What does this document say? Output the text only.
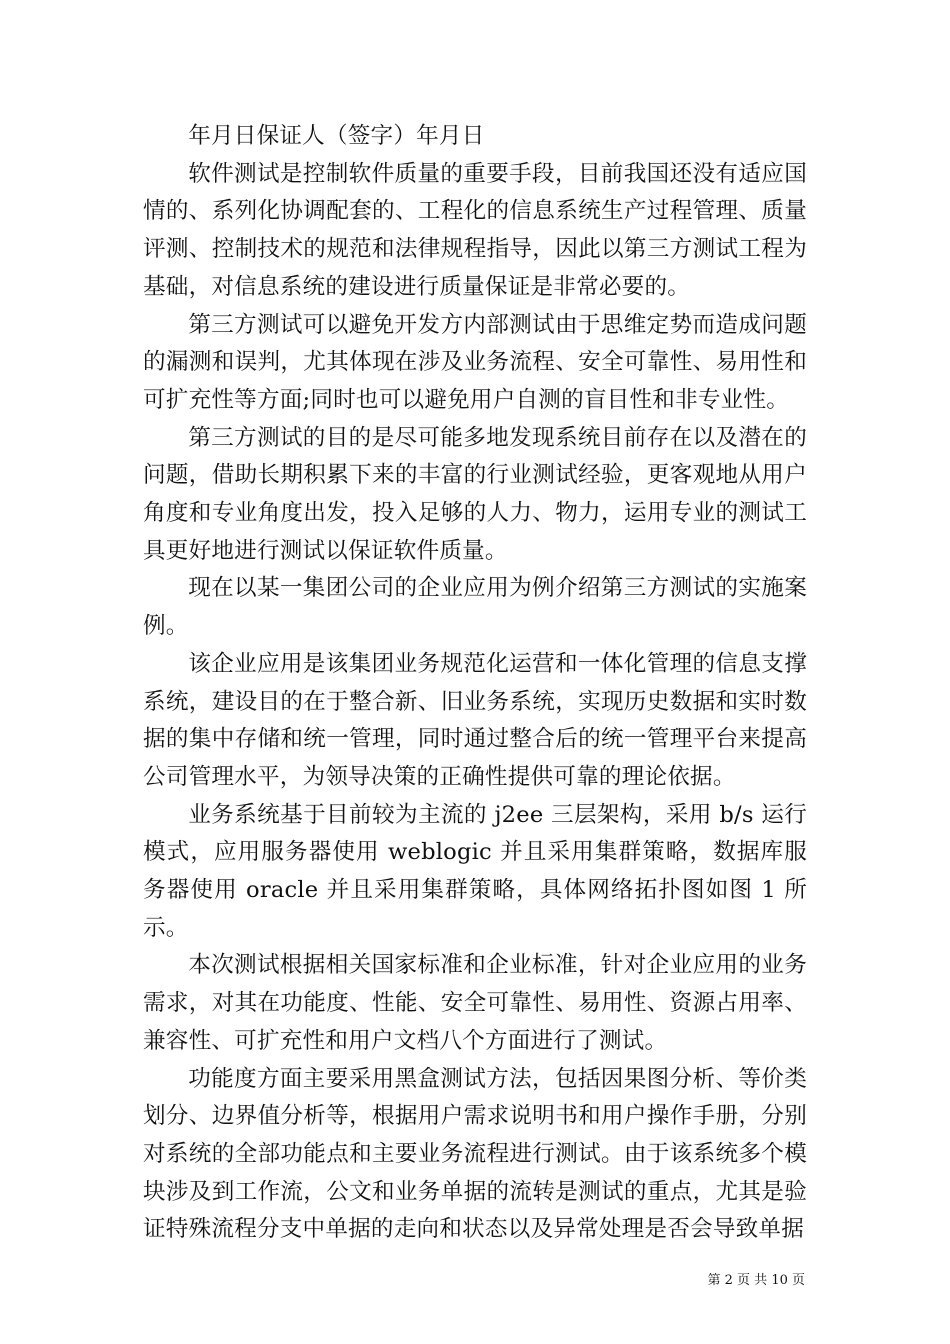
年月日保证人（签字）年月日

软件测试是控制软件质量的重要手段，目前我国还没有适应国情的、系列化协调配套的、工程化的信息系统生产过程管理、质量评测、控制技术的规范和法律规程指导，因此以第三方测试工程为基础，对信息系统的建设进行质量保证是非常必要的。

第三方测试可以避免开发方内部测试由于思维定势而造成问题的漏测和误判，尤其体现在涉及业务流程、安全可靠性、易用性和可扩充性等方面;同时也可以避免用户自测的盲目性和非专业性。

第三方测试的目的是尽可能多地发现系统目前存在以及潜在的问题，借助长期积累下来的丰富的行业测试经验，更客观地从用户角度和专业角度出发，投入足够的人力、物力，运用专业的测试工具更好地进行测试以保证软件质量。

现在以某一集团公司的企业应用为例介绍第三方测试的实施案例。

该企业应用是该集团业务规范化运营和一体化管理的信息支撑系统，建设目的在于整合新、旧业务系统，实现历史数据和实时数据的集中存储和统一管理，同时通过整合后的统一管理平台来提高公司管理水平，为领导决策的正确性提供可靠的理论依据。

业务系统基于目前较为主流的 j2ee 三层架构，采用 b/s 运行模式，应用服务器使用 weblogic 并且采用集群策略，数据库服务器使用 oracle 并且采用集群策略，具体网络拓扑图如图 1 所示。

本次测试根据相关国家标准和企业标准，针对企业应用的业务需求，对其在功能度、性能、安全可靠性、易用性、资源占用率、兼容性、可扩充性和用户文档八个方面进行了测试。

功能度方面主要采用黑盒测试方法，包括因果图分析、等价类划分、边界值分析等，根据用户需求说明书和用户操作手册，分别对系统的全部功能点和主要业务流程进行测试。由于该系统多个模块涉及到工作流，公文和业务单据的流转是测试的重点，尤其是验证特殊流程分支中单据的走向和状态以及异常处理是否会导致单据

第 2 页 共 10 页
